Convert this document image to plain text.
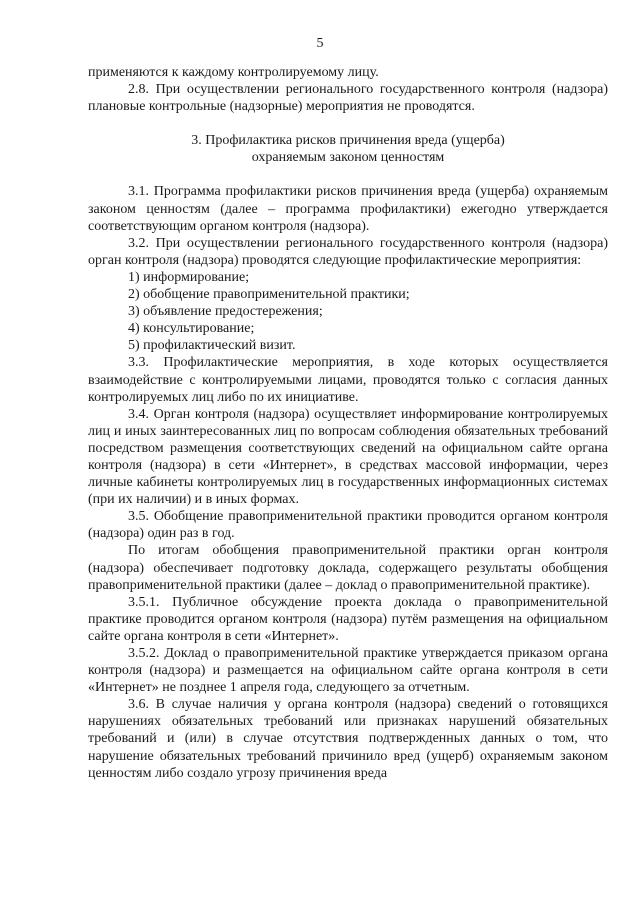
5

применяются к каждому контролируемому лицу.

2.8. При осуществлении регионального государственного контроля (надзора) плановые контрольные (надзорные) мероприятия не проводятся.

3. Профилактика рисков причинения вреда (ущерба)
охраняемым законом ценностям

3.1. Программа профилактики рисков причинения вреда (ущерба) охраняемым законом ценностям (далее – программа профилактики) ежегодно утверждается соответствующим органом контроля (надзора).

3.2. При осуществлении регионального государственного контроля (надзора) орган контроля (надзора) проводятся следующие профилактические мероприятия:

1) информирование;

2) обобщение правоприменительной практики;

3) объявление предостережения;

4) консультирование;

5) профилактический визит.

3.3. Профилактические мероприятия, в ходе которых осуществляется взаимодействие с контролируемыми лицами, проводятся только с согласия данных контролируемых лиц либо по их инициативе.

3.4. Орган контроля (надзора) осуществляет информирование контролируемых лиц и иных заинтересованных лиц по вопросам соблюдения обязательных требований посредством размещения соответствующих сведений на официальном сайте органа контроля (надзора) в сети «Интернет», в средствах массовой информации, через личные кабинеты контролируемых лиц в государственных информационных системах (при их наличии) и в иных формах.

3.5. Обобщение правоприменительной практики проводится органом контроля (надзора) один раз в год.

По итогам обобщения правоприменительной практики орган контроля (надзора) обеспечивает подготовку доклада, содержащего результаты обобщения правоприменительной практики (далее – доклад о правоприменительной практике).

3.5.1. Публичное обсуждение проекта доклада о правоприменительной практике проводится органом контроля (надзора) путём размещения на официальном сайте органа контроля в сети «Интернет».

3.5.2. Доклад о правоприменительной практике утверждается приказом органа контроля (надзора) и размещается на официальном сайте органа контроля в сети «Интернет» не позднее 1 апреля года, следующего за отчетным.

3.6. В случае наличия у органа контроля (надзора) сведений о готовящихся нарушениях обязательных требований или признаках нарушений обязательных требований и (или) в случае отсутствия подтвержденных данных о том, что нарушение обязательных требований причинило вред (ущерб) охраняемым законом ценностям либо создало угрозу причинения вреда
